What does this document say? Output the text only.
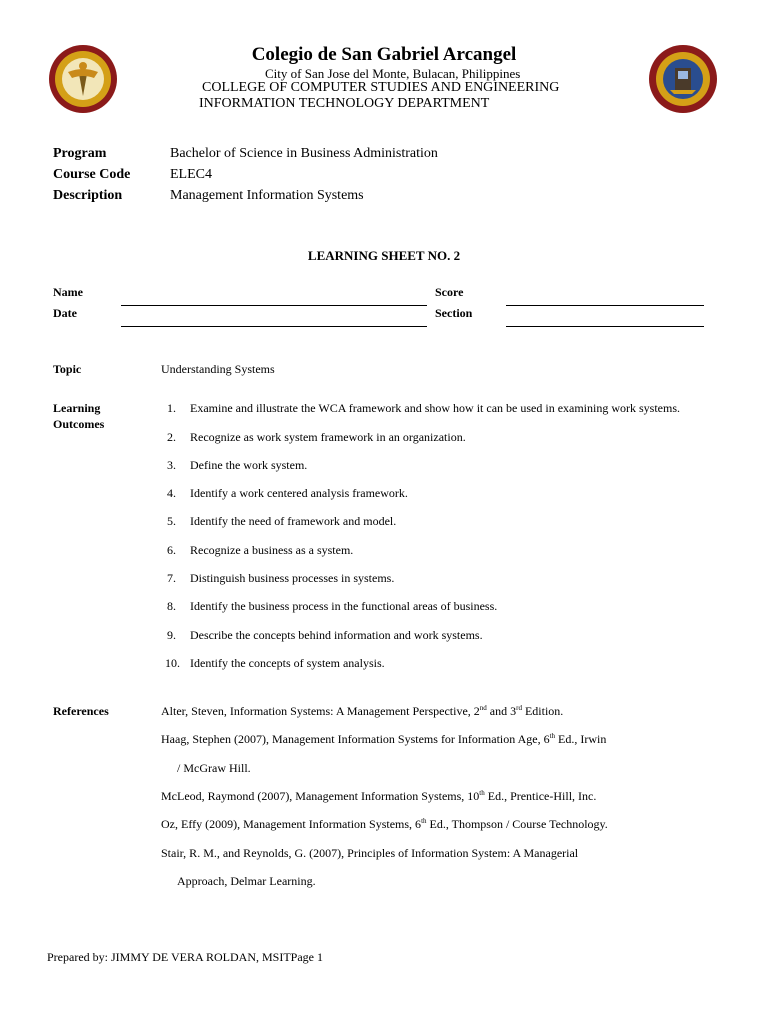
Colegio de San Gabriel Arcangel
City of San Jose del Monte, Bulacan, Philippines
COLLEGE OF COMPUTER STUDIES AND ENGINEERING
INFORMATION TECHNOLOGY DEPARTMENT
Program	Bachelor of Science in Business Administration
Course Code	ELEC4
Description	Management Information Systems
LEARNING SHEET NO. 2
Name	Score
Date	Section
Topic	Understanding Systems
Learning
Outcomes
1. Examine and illustrate the WCA framework and show how it can be used in examining work systems.
2. Recognize as work system framework in an organization.
3. Define the work system.
4. Identify a work centered analysis framework.
5. Identify the need of framework and model.
6. Recognize a business as a system.
7. Distinguish business processes in systems.
8. Identify the business process in the functional areas of business.
9. Describe the concepts behind information and work systems.
10. Identify the concepts of system analysis.
References	Alter, Steven, Information Systems: A Management Perspective, 2nd and 3rd Edition.
Haag, Stephen (2007), Management Information Systems for Information Age, 6th Ed., Irwin
/ McGraw Hill.
McLeod, Raymond (2007), Management Information Systems, 10th Ed., Prentice-Hill, Inc.
Oz, Effy (2009), Management Information Systems, 6th Ed., Thompson / Course Technology.
Stair, R. M., and Reynolds, G. (2007), Principles of Information System: A Managerial
Approach, Delmar Learning.
Prepared by: JIMMY DE VERA ROLDAN, MSITPage 1
